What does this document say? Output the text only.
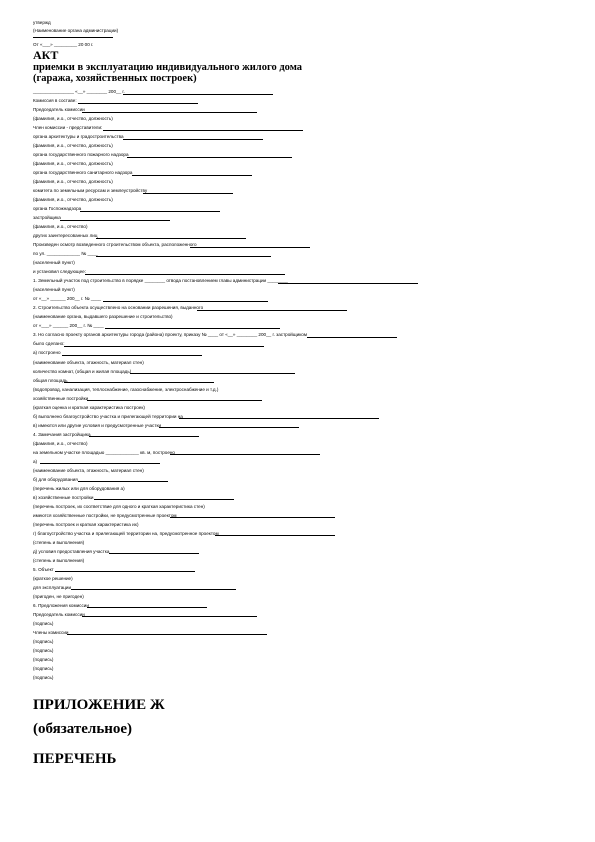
утвержд
(Наименование органа администрации)
От «___» _________ 20 00 г.
АКТ
приемки в эксплуатацию индивидуального жилого дома
(гаража, хозяйственных построек)
________________ «__» ________ 200__ г.
Комиссия в составе:
Председатель комиссии
(фамилия, и.о., отчество, должность)
Член комиссии - представители:
органа архитектуры и градостроительства
(фамилия, и.о., отчество, должность)
органа государственного пожарного надзора
(фамилия, и.о., отчество, должность)
органа государственного санитарного надзора
(фамилия, и.о., отчество, должность)
комитета по земельным ресурсам и землеустройству
(фамилия, и.о., отчество, должность)
органа Госпожнадзора
застройщика
(фамилия, и.о., отчество)
других заинтересованных лиц
Произведен осмотр возведенного строительством объекта, расположенного
по ул. _____________ № ____
(населенный пункт)
и установил следующее:
1. Земельный участок под строительство в порядке ________ отвода постановлением главы администрации ________
(населенный пункт)
от «__» ______ 200__ г. № ____
2. Строительство объекта осуществлено на основании разрешения, выданного
(наименование органа, выдавшего разрешение и строительство)
от «___» ______ 200__ г. № ____
3. Но согласно проекту органов архитектуры города (района) проекту, приказу № ____ от «__» ________ 200__ г. застройщиком
было сделано:
а) построено
(наименование объекта, этажность, материал стен)
количество комнат, (общая и жилая площадь)
общая площадь
(водопровод, канализация, теплоснабжение, газоснабжение, электроснабжение и т.д.)
хозяйственные постройки
(краткая оценка и краткая характеристика построек)
б) выполнено благоустройство участка и прилегающей территории на
в) имеются или другие условия и предусмотренные участки
4. Замечания застройщика
(фамилия, и.о., отчество)
на земельном участке площадью _____________ кв. м, построено
а)
(наименование объекта, этажность, материал стен)
б) для оборудования
(перечень жилых или для оборудования а)
в) хозяйственные постройки
(перечень построек, их соответствие для одного и краткая характеристика стен)
имеются хозяйственные постройки, не предусмотренные проектом
(перечень построек и краткая характеристика их)
г) благоустройство участка и прилегающей территории на, предусмотренное проектом
(степень и выполнения)
д) условия предоставления участка
(степень и выполнения)
5. Объект
(краткое решение)
для эксплуатации
(пригоден, не пригоден)
6. Предложения комиссии
Председатель комиссии
(подпись)
Члены комиссии
(подпись)
(подпись)
(подпись)
(подпись)
(подпись)
ПРИЛОЖЕНИЕ Ж
(обязательное)
ПЕРЕЧЕНЬ
